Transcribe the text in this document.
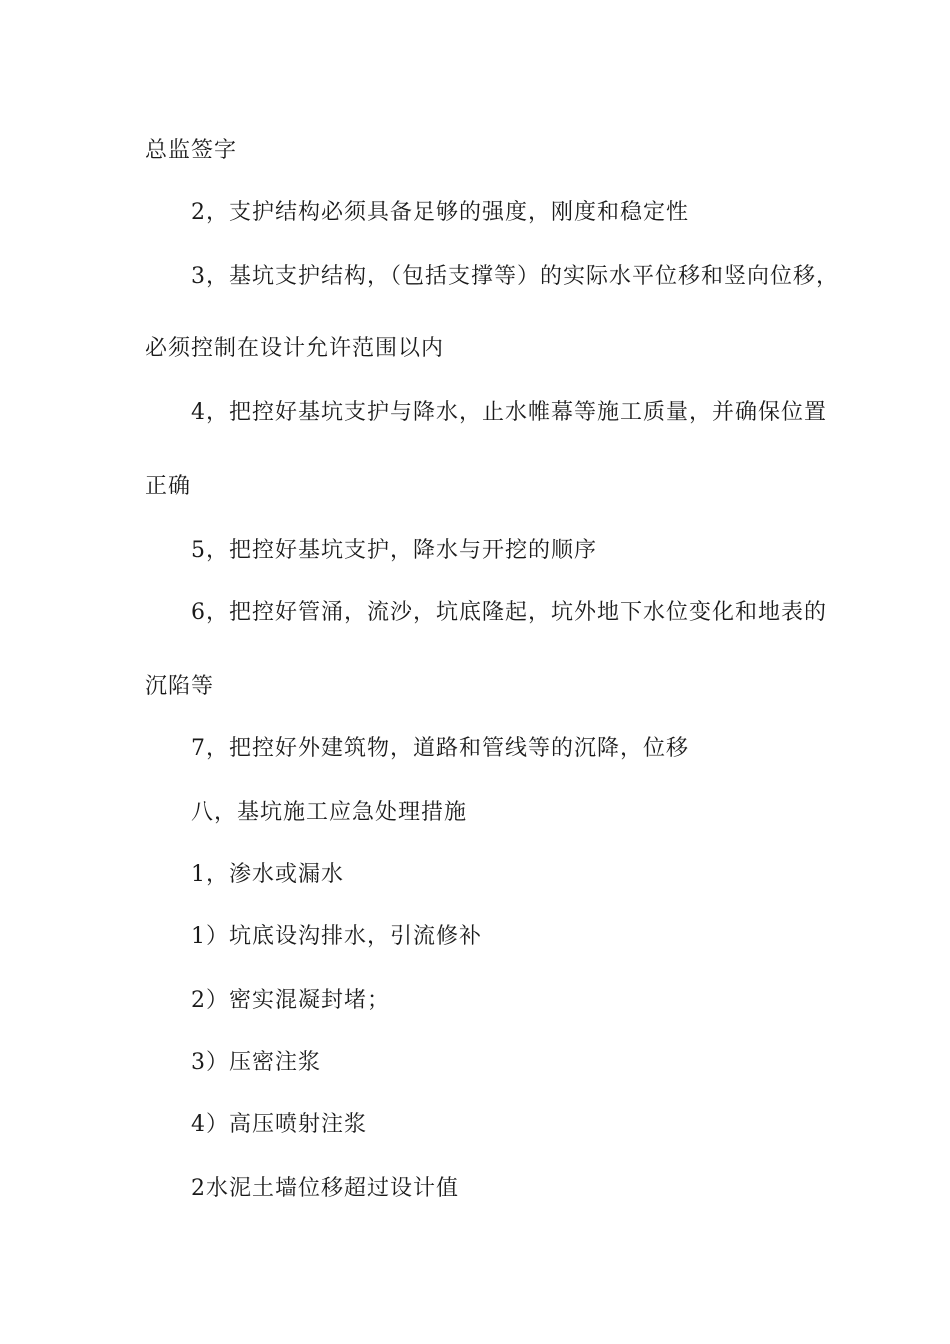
总监签字
2，支护结构必须具备足够的强度，刚度和稳定性
3，基坑支护结构，（包括支撑等）的实际水平位移和竖向位移，
必须控制在设计允许范围以内
4，把控好基坑支护与降水，止水帷幕等施工质量，并确保位置
正确
5，把控好基坑支护，降水与开挖的顺序
6，把控好管涌，流沙，坑底隆起，坑外地下水位变化和地表的
沉陷等
7，把控好外建筑物，道路和管线等的沉降，位移
八，基坑施工应急处理措施
1，渗水或漏水
1）坑底设沟排水，引流修补
2）密实混凝封堵；
3）压密注浆
4）高压喷射注浆
2水泥土墙位移超过设计值
